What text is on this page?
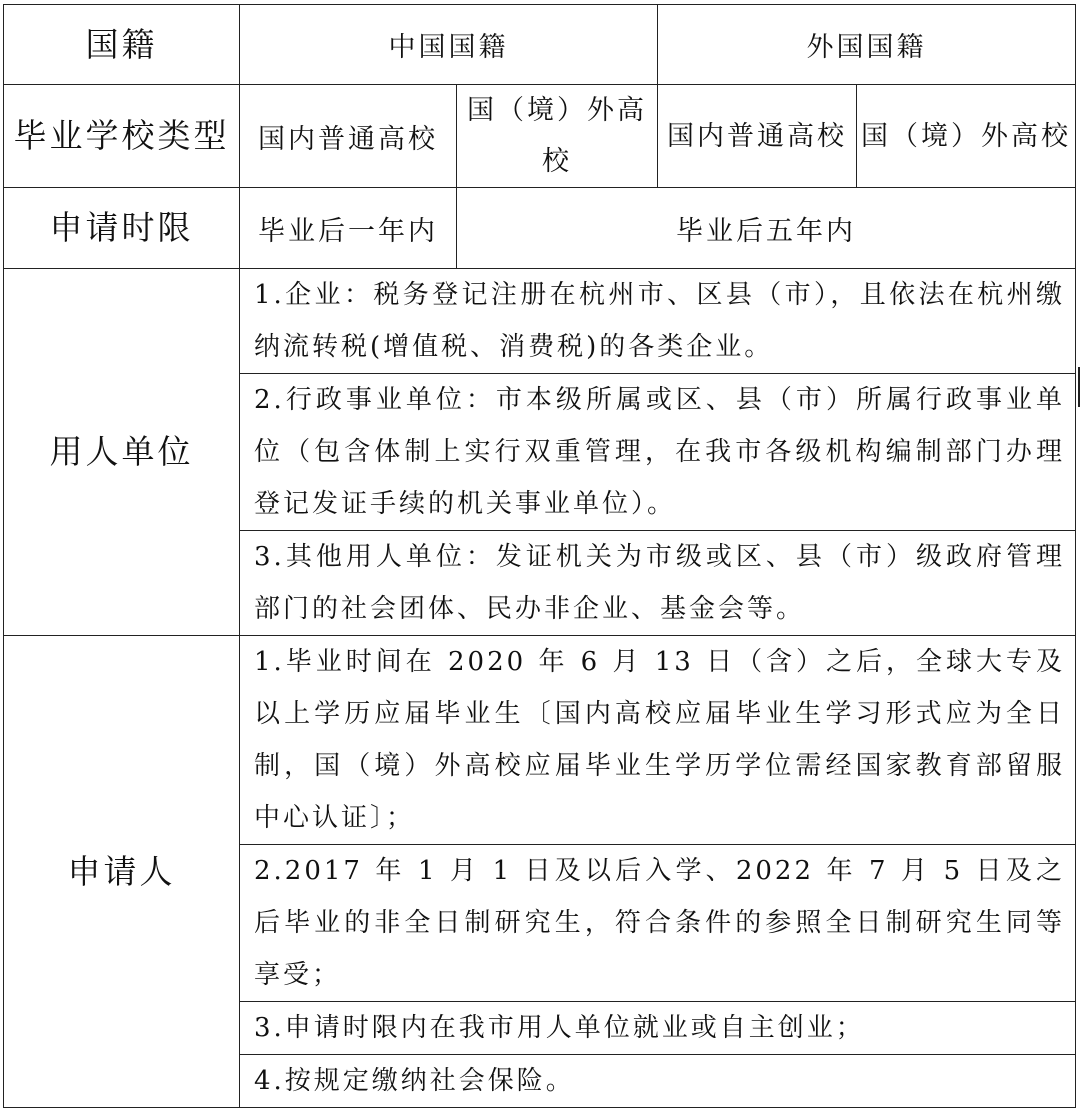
国籍	中国国籍		外国国籍	
毕业学校类型	国内普通高校	国（境）外高校	国内普通高校	国（境）外高校
申请时限	毕业后一年内	毕业后五年内		
用人单位	1.企业：税务登记注册在杭州市、区县（市），且依法在杭州缴纳流转税(增值税、消费税)的各类企业。			
	2.行政事业单位：市本级所属或区、县（市）所属行政事业单位（包含体制上实行双重管理，在我市各级机构编制部门办理登记发证手续的机关事业单位）。			
	3.其他用人单位：发证机关为市级或区、县（市）级政府管理部门的社会团体、民办非企业、基金会等。			
申请人	1.毕业时间在 2020 年 6 月 13 日（含）之后，全球大专及以上学历应届毕业生〔国内高校应届毕业生学习形式应为全日制，国（境）外高校应届毕业生学历学位需经国家教育部留服中心认证〕；			
	2.2017 年 1 月 1 日及以后入学、2022 年 7 月 5 日及之后毕业的非全日制研究生，符合条件的参照全日制研究生同等享受；			
	3.申请时限内在我市用人单位就业或自主创业；			
	4.按规定缴纳社会保险。			
